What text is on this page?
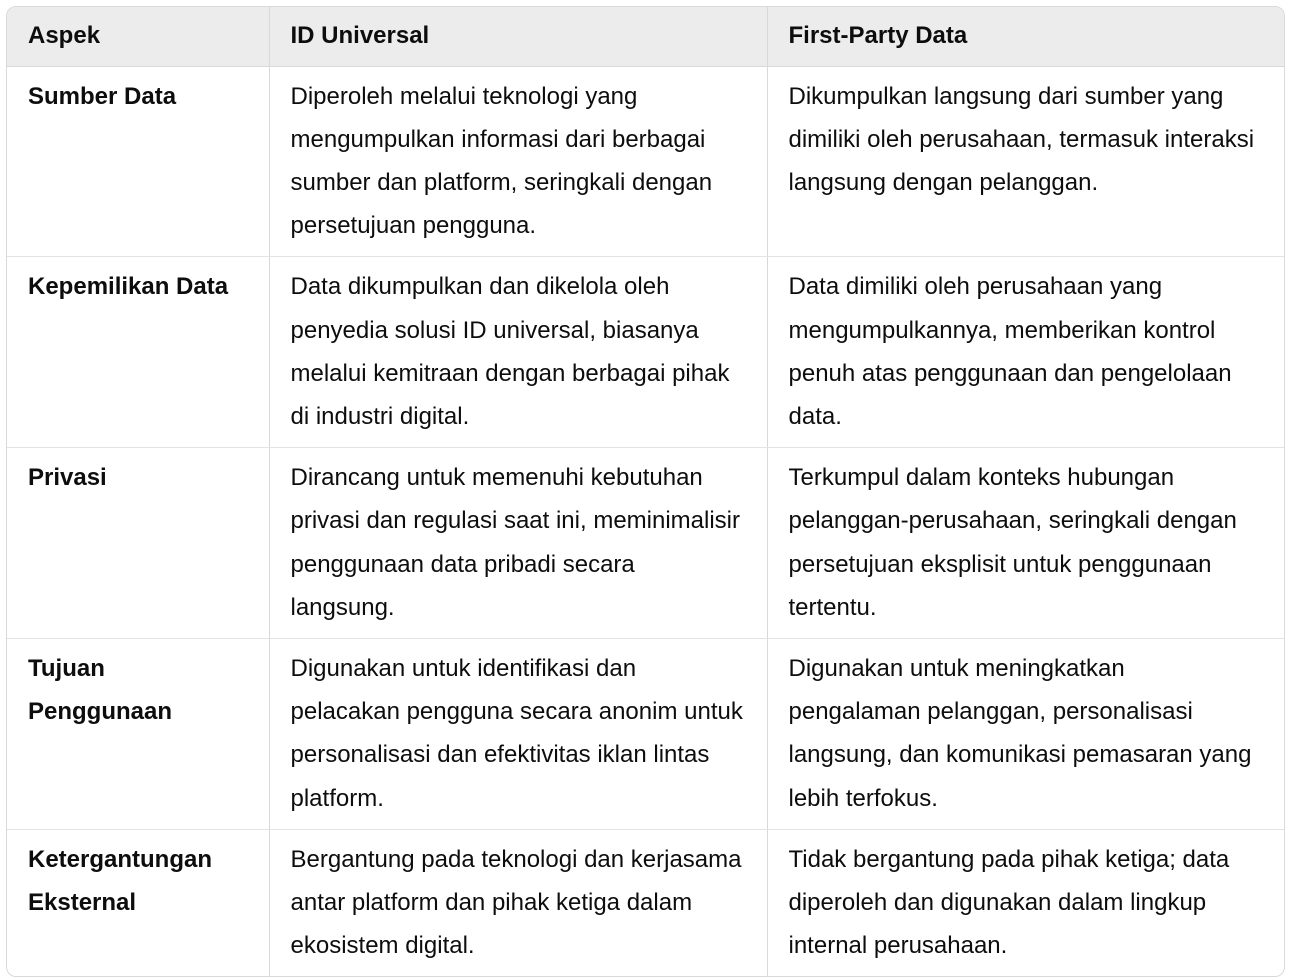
Aspek	ID Universal	First-Party Data
Sumber Data	Diperoleh melalui teknologi yang mengumpulkan informasi dari berbagai sumber dan platform, seringkali dengan persetujuan pengguna.	Dikumpulkan langsung dari sumber yang dimiliki oleh perusahaan, termasuk interaksi langsung dengan pelanggan.
Kepemilikan Data	Data dikumpulkan dan dikelola oleh penyedia solusi ID universal, biasanya melalui kemitraan dengan berbagai pihak di industri digital.	Data dimiliki oleh perusahaan yang mengumpulkannya, memberikan kontrol penuh atas penggunaan dan pengelolaan data.
Privasi	Dirancang untuk memenuhi kebutuhan privasi dan regulasi saat ini, meminimalisir penggunaan data pribadi secara langsung.	Terkumpul dalam konteks hubungan pelanggan-perusahaan, seringkali dengan persetujuan eksplisit untuk penggunaan tertentu.
Tujuan Penggunaan	Digunakan untuk identifikasi dan pelacakan pengguna secara anonim untuk personalisasi dan efektivitas iklan lintas platform.	Digunakan untuk meningkatkan pengalaman pelanggan, personalisasi langsung, dan komunikasi pemasaran yang lebih terfokus.
Ketergantungan Eksternal	Bergantung pada teknologi dan kerjasama antar platform dan pihak ketiga dalam ekosistem digital.	Tidak bergantung pada pihak ketiga; data diperoleh dan digunakan dalam lingkup internal perusahaan.
